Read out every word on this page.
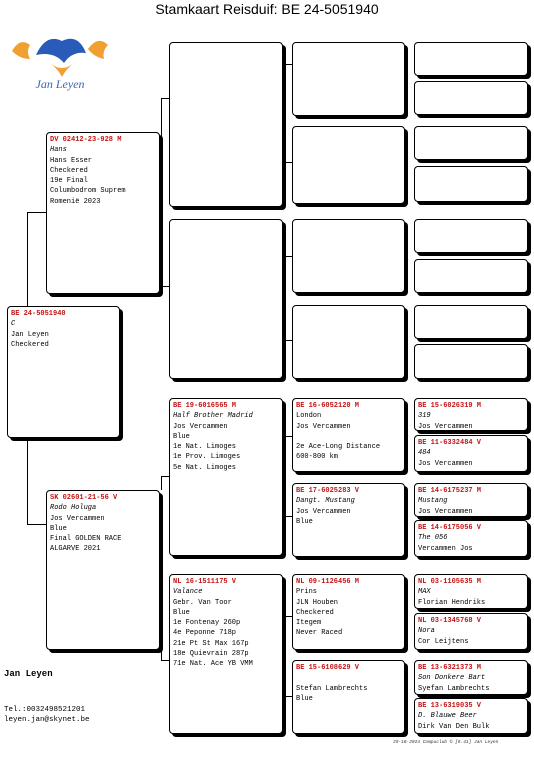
Stamkaart Reisduif: BE 24-5051940
Jan Leyen
BE 24-5051940
C
Jan Leyen
Checkered
DV 02412-23-928 M
Hans
Hans Esser
Checkered
19e Final
Columbodrom Suprem
Romenië 2023
SK 02601-21-56 V
Rodo Holuga
Jos Vercammen
Blue
Final GOLDEN RACE
ALGARVE 2021
BE 19-6016565 M
Half Brother Madrid
Jos Vercammen
Blue
1e Nat. Limoges
1e Prov. Limoges
5e Nat. Limoges
NL 16-1511175 V
Valance
Gebr. Van Toor
Blue
1e Fontenay 260p
4e Peponne 718p
21e Pt St Max 167p
18e Quievrain 287p
71e Nat. Ace YB VMM
BE 16-6052120 M
London
Jos Vercammen
2e Ace-Long Distance
600-800 km
BE 17-6025283 V
Dangt. Mustang
Jos Vercammen
Blue
NL 09-1126456 M
Prins
JLN Houben
Checkered
Itegem
Never Raced
BE 15-6108629 V
Stefan Lambrechts
Blue
BE 15-6026319 M
319
Jos Vercammen
BE 11-6332484 V
484
Jos Vercammen
BE 14-6175237 M
Mustang
Jos Vercammen
BE 14-6175056 V
The 056
Vercammen Jos
NL 03-1105635 M
MAX
Florian Hendriks
NL 03-1345768 V
Nora
Cor Leijtens
BE 13-6321373 M
Son Donkere Bart
Syefan Lambrechts
BE 13-6319035 V
D. Blauwe Beer
Dirk Van Den Bulk
Jan Leyen
Tel.:0032498521201
leyen.jan@skynet.be
29-10-2024 Compuclub © [9.41] Jan Leyen
